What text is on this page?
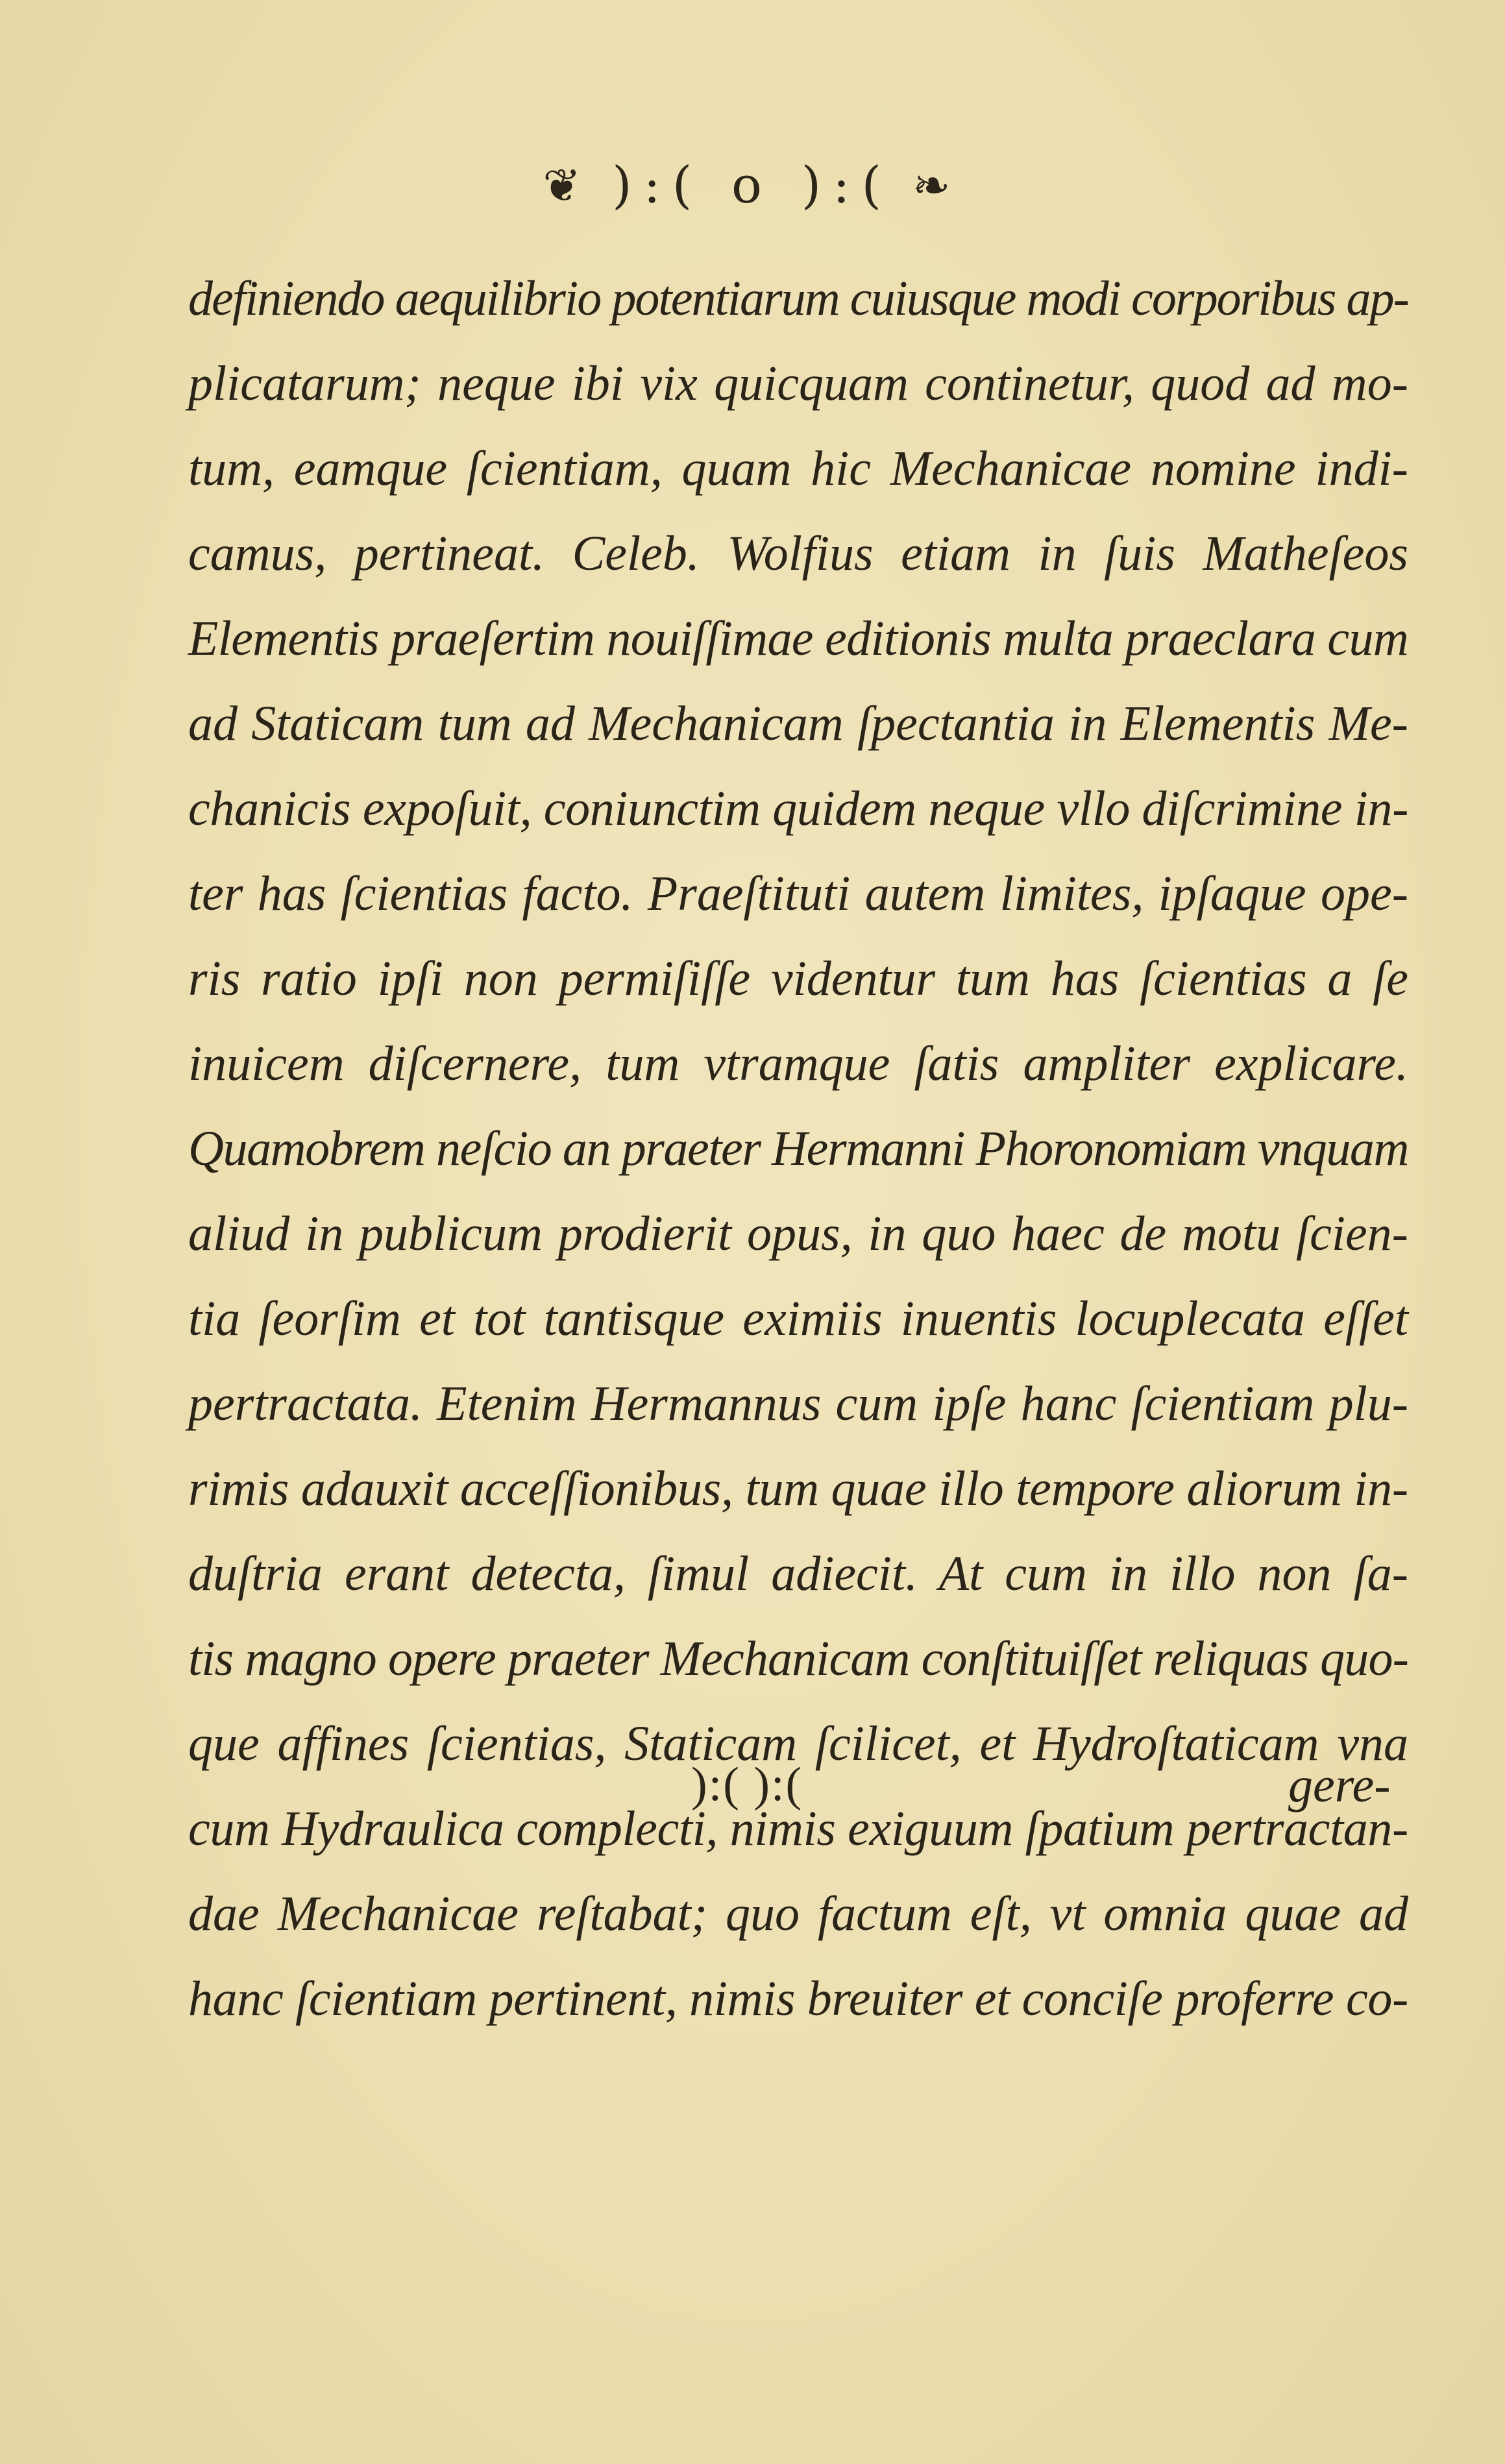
❦ ):( o ):( ❧
definiendo aequilibrio potentiarum cuiusque modi corporibus ap-
plicatarum; neque ibi vix quicquam continetur, quod ad mo-
tum, eamque ſcientiam, quam hic Mechanicae nomine indi-
camus, pertineat. Celeb. Wolfius etiam in ſuis Matheſeos
Elementis praeſertim nouiſſimae editionis multa praeclara cum
ad Staticam tum ad Mechanicam ſpectantia in Elementis Me-
chanicis expoſuit, coniunctim quidem neque vllo diſcrimine in-
ter has ſcientias facto. Praeſtituti autem limites, ipſaque ope-
ris ratio ipſi non permiſiſſe videntur tum has ſcientias a ſe
inuicem diſcernere, tum vtramque ſatis ampliter explicare.
Quamobrem neſcio an praeter Hermanni Phoronomiam vnquam
aliud in publicum prodierit opus, in quo haec de motu ſcien-
tia ſeorſim et tot tantisque eximiis inuentis locuplecata eſſet
pertractata. Etenim Hermannus cum ipſe hanc ſcientiam plu-
rimis adauxit acceſſionibus, tum quae illo tempore aliorum in-
duſtria erant detecta, ſimul adiecit. At cum in illo non ſa-
tis magno opere praeter Mechanicam conſtituiſſet reliquas quo-
que affines ſcientias, Staticam ſcilicet, et Hydroſtaticam vna
cum Hydraulica complecti, nimis exiguum ſpatium pertractan-
dae Mechanicae reſtabat; quo factum eſt, vt omnia quae ad
hanc ſcientiam pertinent, nimis breuiter et conciſe proferre co-
):( ):(	gere-
